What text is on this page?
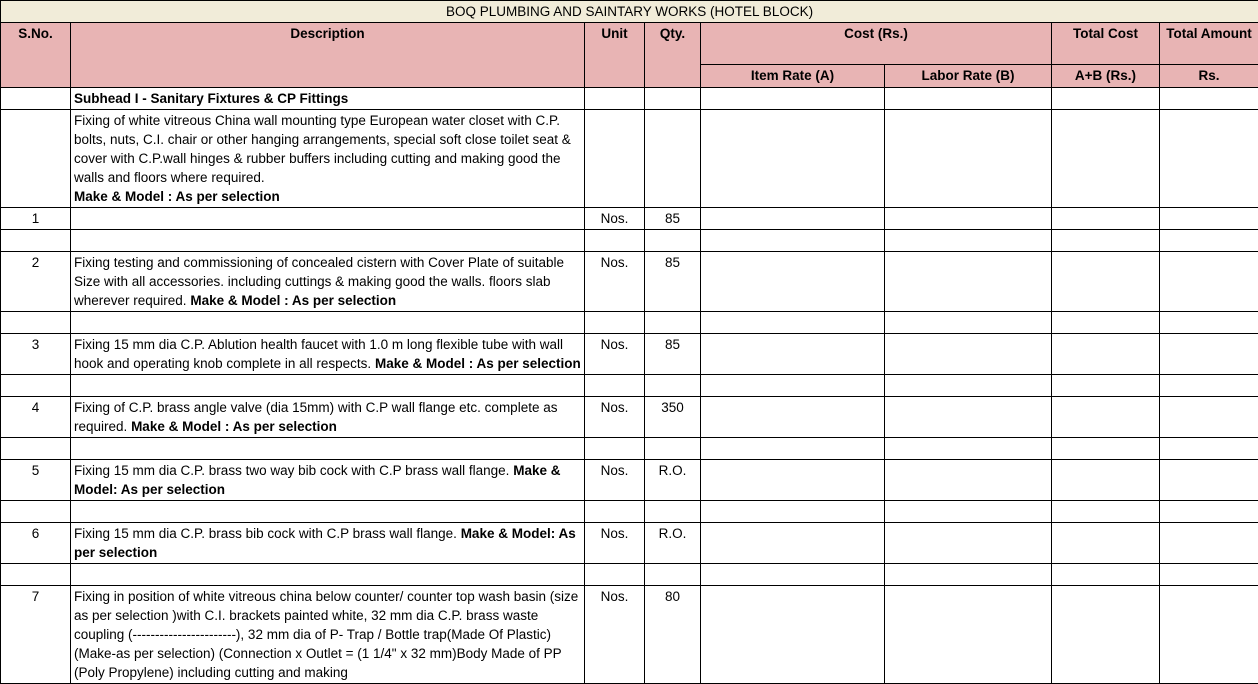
BOQ PLUMBING AND SAINTARY WORKS (HOTEL BLOCK)							
S.No.	Description	Unit	Qty.	Cost (Rs.)		Total Cost	Total Amount
				Item Rate (A)	Labor Rate (B)	A+B (Rs.)	Rs.
	Subhead I - Sanitary Fixtures & CP Fittings						
	Fixing of white vitreous China wall mounting type European water closet with C.P. bolts, nuts, C.I. chair or other hanging arrangements, special soft close toilet seat & cover with C.P.wall hinges & rubber buffers including cutting and making good the walls and floors where required.
Make & Model : As per selection						
1		Nos.	85				

2	Fixing testing and commissioning of concealed cistern with Cover Plate of suitable Size with all accessories. including cuttings & making good the walls. floors slab wherever required. Make & Model : As per selection	Nos.	85				

3	Fixing 15 mm dia C.P. Ablution health faucet with 1.0 m long flexible tube with wall hook and operating knob complete in all respects. Make & Model : As per selection	Nos.	85				

4	Fixing of C.P. brass angle valve (dia 15mm) with C.P wall flange etc. complete as required. Make & Model : As per selection	Nos.	350				

5	Fixing 15 mm dia C.P. brass two way bib cock with C.P brass wall flange. Make & Model: As per selection	Nos.	R.O.				

6	Fixing 15 mm dia C.P. brass bib cock with C.P brass wall flange. Make & Model: As per selection	Nos.	R.O.				

7	Fixing in position of white vitreous china below counter/ counter top wash basin (size as per selection )with C.I. brackets painted white, 32 mm dia C.P. brass waste coupling (-----------------------), 32 mm dia of P- Trap / Bottle trap(Made Of Plastic) (Make-as per selection) (Connection x Outlet = (1 1/4" x 32 mm)Body Made of PP (Poly Propylene) including cutting and making	Nos.	80				
